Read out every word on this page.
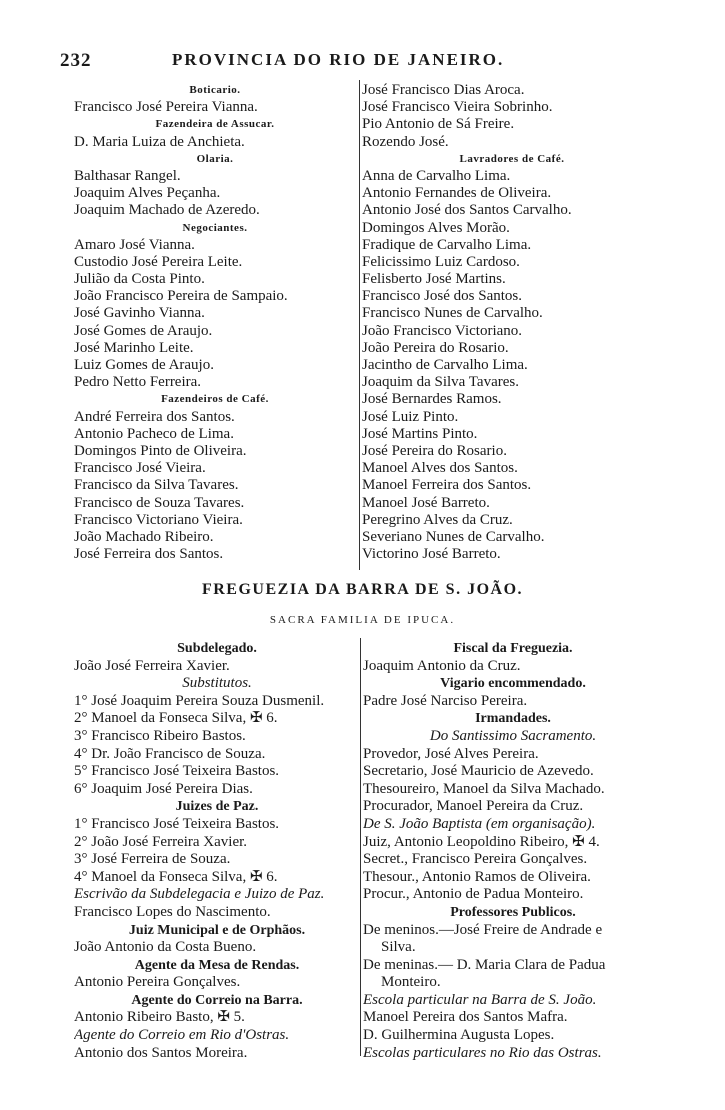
232	PROVINCIA DO RIO DE JANEIRO.
Boticario.
Francisco José Pereira Vianna.
Fazendeira de Assucar.
D. Maria Luiza de Anchieta.
Olaria.
Balthasar Rangel.
Joaquim Alves Peçanha.
Joaquim Machado de Azeredo.
Negociantes.
Amaro José Vianna.
Custodio José Pereira Leite.
Julião da Costa Pinto.
João Francisco Pereira de Sampaio.
José Gavinho Vianna.
José Gomes de Araujo.
José Marinho Leite.
Luiz Gomes de Araujo.
Pedro Netto Ferreira.
Fazendeiros de Café.
André Ferreira dos Santos.
Antonio Pacheco de Lima.
Domingos Pinto de Oliveira.
Francisco José Vieira.
Francisco da Silva Tavares.
Francisco de Souza Tavares.
Francisco Victoriano Vieira.
João Machado Ribeiro.
José Ferreira dos Santos.
José Francisco Dias Aroca.
José Francisco Vieira Sobrinho.
Pio Antonio de Sá Freire.
Rozendo José.
Lavradores de Café.
Anna de Carvalho Lima.
Antonio Fernandes de Oliveira.
Antonio José dos Santos Carvalho.
Domingos Alves Morão.
Fradique de Carvalho Lima.
Felicissimo Luiz Cardoso.
Felisberto José Martins.
Francisco José dos Santos.
Francisco Nunes de Carvalho.
João Francisco Victoriano.
João Pereira do Rosario.
Jacintho de Carvalho Lima.
Joaquim da Silva Tavares.
José Bernardes Ramos.
José Luiz Pinto.
José Martins Pinto.
José Pereira do Rosario.
Manoel Alves dos Santos.
Manoel Ferreira dos Santos.
Manoel José Barreto.
Peregrino Alves da Cruz.
Severiano Nunes de Carvalho.
Victorino José Barreto.
FREGUEZIA DA BARRA DE S. JOÃO.
SACRA FAMILIA DE IPUCA.
Subdelegado.
João José Ferreira Xavier.
Substitutos.
1° José Joaquim Pereira Souza Dusmenil.
2° Manoel da Fonseca Silva, ✠ 6.
3° Francisco Ribeiro Bastos.
4° Dr. João Francisco de Souza.
5° Francisco José Teixeira Bastos.
6° Joaquim José Pereira Dias.
Juizes de Paz.
1° Francisco José Teixeira Bastos.
2° João José Ferreira Xavier.
3° José Ferreira de Souza.
4° Manoel da Fonseca Silva, ✠ 6.
Escrivão da Subdelegacia e Juizo de Paz.
Francisco Lopes do Nascimento.
Juiz Municipal e de Orphãos.
João Antonio da Costa Bueno.
Agente da Mesa de Rendas.
Antonio Pereira Gonçalves.
Agente do Correio na Barra.
Antonio Ribeiro Basto, ✠ 5.
Agente do Correio em Rio d'Ostras.
Antonio dos Santos Moreira.
Fiscal da Freguezia.
Joaquim Antonio da Cruz.
Vigario encommendado.
Padre José Narciso Pereira.
Irmandades.
Do Santissimo Sacramento.
Provedor, José Alves Pereira.
Secretario, José Mauricio de Azevedo.
Thesoureiro, Manoel da Silva Machado.
Procurador, Manoel Pereira da Cruz.
De S. João Baptista (em organisação).
Juiz, Antonio Leopoldino Ribeiro, ✠ 4.
Secret., Francisco Pereira Gonçalves.
Thesour., Antonio Ramos de Oliveira.
Procur., Antonio de Padua Monteiro.
Professores Publicos.
De meninos.—José Freire de Andrade e
Silva.
De meninas.— D. Maria Clara de Padua
Monteiro.
Escola particular na Barra de S. João.
Manoel Pereira dos Santos Mafra.
D. Guilhermina Augusta Lopes.
Escolas particulares no Rio das Ostras.
